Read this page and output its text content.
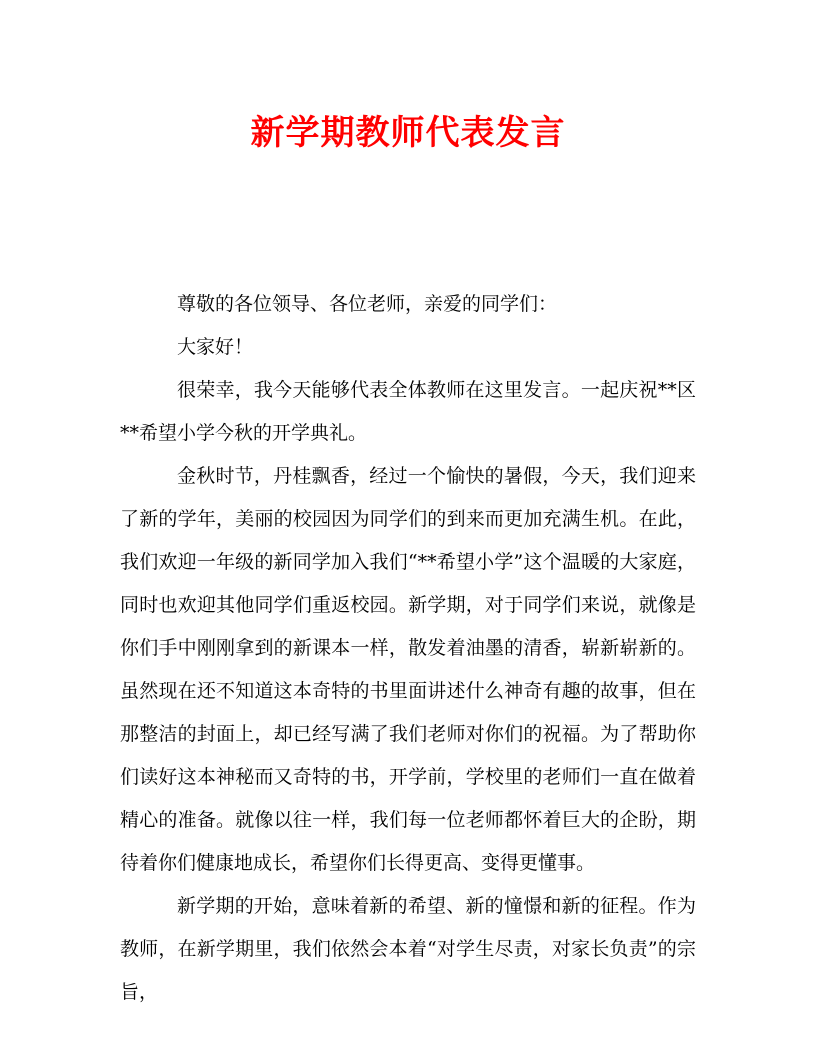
新学期教师代表发言

尊敬的各位领导、各位老师，亲爱的同学们：

大家好！

很荣幸，我今天能够代表全体教师在这里发言。一起庆祝**区**希望小学今秋的开学典礼。

金秋时节，丹桂飘香，经过一个愉快的暑假，今天，我们迎来了新的学年，美丽的校园因为同学们的到来而更加充满生机。在此，我们欢迎一年级的新同学加入我们“**希望小学”这个温暖的大家庭，同时也欢迎其他同学们重返校园。新学期，对于同学们来说，就像是你们手中刚刚拿到的新课本一样，散发着油墨的清香，崭新崭新的。虽然现在还不知道这本奇特的书里面讲述什么神奇有趣的故事，但在那整洁的封面上，却已经写满了我们老师对你们的祝福。为了帮助你们读好这本神秘而又奇特的书，开学前，学校里的老师们一直在做着精心的准备。就像以往一样，我们每一位老师都怀着巨大的企盼，期待着你们健康地成长，希望你们长得更高、变得更懂事。

新学期的开始，意味着新的希望、新的憧憬和新的征程。作为教师，在新学期里，我们依然会本着“对学生尽责，对家长负责”的宗旨，
